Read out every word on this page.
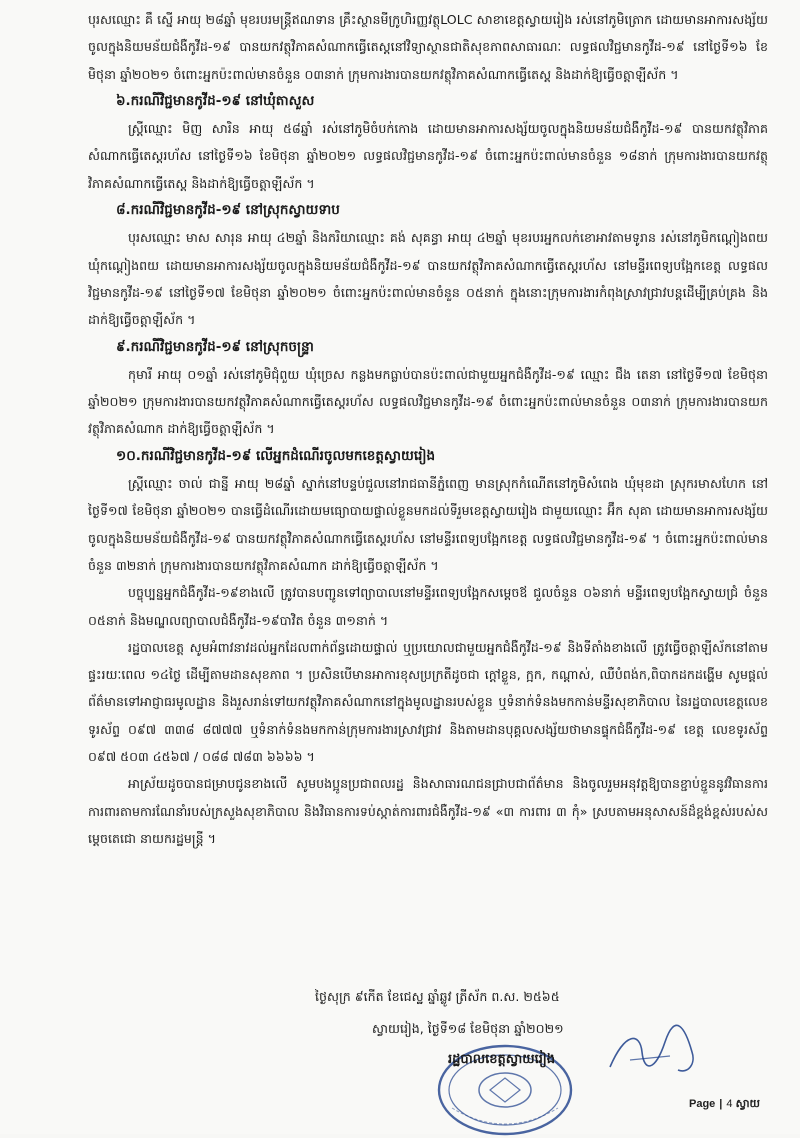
បុរសឈ្មោះ គឹ ស្នើ អាយុ ២៨ឆ្នាំ មុខរបរមន្ត្រីឥណទាន គ្រឹះស្ថានមីក្រូហិរញ្ញវត្ថុLOLC សាខាខេត្តស្វាយរៀង រស់នៅភូមិត្រោក ដោយមានអាការសង្ស័យចូលក្នុងនិយមន័យជំងឺកូវីដ-១៩ បានយកវត្ថុវិភាគសំណាកធ្វើតេស្តនៅវិទ្យាស្ថានជាតិសុខភាពសាធារណៈ លទ្ធផលវិជ្ជមានកូវីដ-១៩ នៅថ្ងៃទី១៦ ខែមិថុនា ឆ្នាំ២០២១ ចំពោះអ្នកប៉ះពាល់មានចំនួន ០៣នាក់ ក្រុមការងារបានយកវត្ថុវិភាគសំណាកធ្វើតេស្ត និងដាក់ឱ្យធ្វើចត្តាឡីស័ក ។

៦.ករណីវិជ្ជមានកូវីដ-១៩ នៅឃុំតាសួស

ស្ត្រីឈ្មោះ មិញ សារិន អាយុ ៥៨ឆ្នាំ រស់នៅភូមិចំបក់កោង ដោយមានអាការសង្ស័យចូលក្នុងនិយមន័យជំងឺកូវីដ-១៩ បានយកវត្ថុវិភាគសំណាកធ្វើតេស្តរហ័ស នៅថ្ងៃទី១៦ ខែមិថុនា ឆ្នាំ២០២១ លទ្ធផលវិជ្ជមានកូវីដ-១៩ ចំពោះអ្នកប៉ះពាល់មានចំនួន ១៨នាក់ ក្រុមការងារបានយកវត្ថុវិភាគសំណាកធ្វើតេស្ត និងដាក់ឱ្យធ្វើចត្តាឡីស័ក ។

៨.ករណីវិជ្ជមានកូវីដ-១៩ នៅស្រុកស្វាយទាប

បុរសឈ្មោះ មាស សារុន អាយុ ៤២ឆ្នាំ និងភរិយាឈ្មោះ គង់ សុគន្ធា អាយុ ៤២ឆ្នាំ មុខរបរអ្នកលក់ខោអាវតាមទូរាន រស់នៅភូមិកណ្តៀងពយ ឃុំកណ្តៀងពយ ដោយមានអាការសង្ស័យចូលក្នុងនិយមន័យជំងឺកូវីដ-១៩ បានយកវត្ថុវិភាគសំណាកធ្វើតេស្តរហ័ស នៅមន្ទីរពេទ្យបង្អែកខេត្ត លទ្ធផលវិជ្ជមានកូវីដ-១៩ នៅថ្ងៃទី១៧ ខែមិថុនា ឆ្នាំ២០២១ ចំពោះអ្នកប៉ះពាល់មានចំនួន ០៥នាក់ ក្នុងនោះក្រុមការងារកំពុងស្រាវជ្រាវបន្តដើម្បីគ្រប់គ្រង និងដាក់ឱ្យធ្វើចត្តាឡីស័ក ។

៩.ករណីវិជ្ជមានកូវីដ-១៩ នៅស្រុកចន្ទ្រា

កុមារី អាយុ ០១ឆ្នាំ រស់នៅភូមិជុំពួយ ឃុំច្រេស កន្លងមកធ្លាប់បានប៉ះពាល់ជាមួយអ្នកជំងឺកូវីដ-១៩ ឈ្មោះ ជឹង តេនា នៅថ្ងៃទី១៧ ខែមិថុនា ឆ្នាំ២០២១ ក្រុមការងារបានយកវត្ថុវិភាគសំណាកធ្វើតេស្តរហ័ស លទ្ធផលវិជ្ជមានកូវីដ-១៩ ចំពោះអ្នកប៉ះពាល់មានចំនួន ០៣នាក់ ក្រុមការងារបានយកវត្ថុវិភាគសំណាក ដាក់ឱ្យធ្វើចត្តាឡីស័ក ។

១០.ករណីវិជ្ជមានកូវីដ-១៩ លើអ្នកដំណើរចូលមកខេត្តស្វាយរៀង

ស្ត្រីឈ្មោះ ចាល់ ជាន្នី អាយុ ២៨ឆ្នាំ ស្នាក់នៅបន្ទប់ជួលនៅរាជធានីភ្នំពេញ មានស្រុកកំណើតនៅភូមិសំពេង ឃុំមុខដា ស្រុករមាសហែក នៅថ្ងៃទី១៧ ខែមិថុនា ឆ្នាំ២០២១ បានធ្វើដំណើរដោយមធ្យោបាយផ្ទាល់ខ្លួនមកដល់ទីរួមខេត្តស្វាយរៀង ជាមួយឈ្មោះ អ៊ឹក សុគា ដោយមានអាការសង្ស័យចូលក្នុងនិយមន័យជំងឺកូវីដ-១៩ បានយកវត្ថុវិភាគសំណាកធ្វើតេស្តរហ័ស នៅមន្ទីរពេទ្យបង្អែកខេត្ត លទ្ធផលវិជ្ជមានកូវីដ-១៩ ។ ចំពោះអ្នកប៉ះពាល់មានចំនួន ៣២នាក់ ក្រុមការងារបានយកវត្ថុវិភាគសំណាក ដាក់ឱ្យធ្វើចត្តាឡីស័ក ។

បច្ចុប្បន្នអ្នកជំងឺកូវីដ-១៩ខាងលើ ត្រូវបានបញ្ជូនទៅព្យាបាលនៅមន្ទីរពេទ្យបង្អែកសម្តេចឪ ជួលចំនួន ០៦នាក់ មន្ទីរពេទ្យបង្អែកស្វាយជ្រំ ចំនួន ០៥នាក់ និងមណ្ឌលព្យាបាលជំងឺកូវីដ-១៩បាវិត ចំនួន ៣១នាក់ ។

រដ្ឋបាលខេត្ត សូមអំពាវនាវដល់អ្នកដែលពាក់ព័ន្ធដោយផ្ទាល់ ឬប្រយោលជាមួយអ្នកជំងឺកូវីដ-១៩ និងទីតាំងខាងលើ ត្រូវធ្វើចត្តាឡីស័កនៅតាមផ្ទះរយៈពេល ១៤ថ្ងៃ ដើម្បីតាមដានសុខភាព ។ ប្រសិនបើមានអាការខុសប្រក្រតីដូចជា ក្តៅខ្លួន, ក្អក, កណ្តាស់, ឈឺបំពង់ក,ពិបាកដកដង្ហើម សូមផ្តល់ព័ត៌មានទៅអាជ្ញាធរមូលដ្ឋាន និងរួសរាន់ទៅយកវត្ថុវិភាគសំណាកនៅក្នុងមូលដ្ឋានរបស់ខ្លួន ឬទំនាក់ទំនងមកកាន់មន្ទីរសុខាភិបាល នៃរដ្ឋបាលខេត្តលេខទូរស័ព្ទ ០៩៧ ៣៣៨ ៨៧៧៧ ឬទំនាក់ទំនងមកកាន់ក្រុមការងារស្រាវជ្រាវ និងតាមដានបុគ្គលសង្ស័យថាមានផ្ទុកជំងឺកូវីដ-១៩ ខេត្ត លេខទូរស័ព្ទ ០៩៧ ៥០៣ ៤៥៦៧ / ០៨៨ ៧៨៣ ៦៦៦៦ ។

អាស្រ័យដូចបានជម្រាបជូនខាងលើ សូមបងប្អូនប្រជាពលរដ្ឋ និងសាធារណជនជ្រាបជាព័ត៌មាន និងចូលរួមអនុវត្តឱ្យបានខ្ជាប់ខ្ជួននូវវិធានការការពារតាមការណែនាំរបស់ក្រសួងសុខាភិបាល និងវិធានការទប់ស្កាត់ការពារជំងឺកូវីដ-១៩ «៣ ការពារ ៣ កុំ» ស្របតាមអនុសាសន៍ដ៏ខ្ពង់ខ្ពស់របស់សម្តេចតេជោ នាយករដ្ឋមន្ត្រី ។

ថ្ងៃសុក្រ ៩កើត ខែជេស្ឋ ឆ្នាំឆ្លូវ ត្រីស័ក ព.ស. ២៥៦៥
ស្វាយរៀង, ថ្ងៃទី១៨ ខែមិថុនា ឆ្នាំ២០២១
រដ្ឋបាលខេត្តស្វាយរៀង
Page | 4 ស្វាយ
